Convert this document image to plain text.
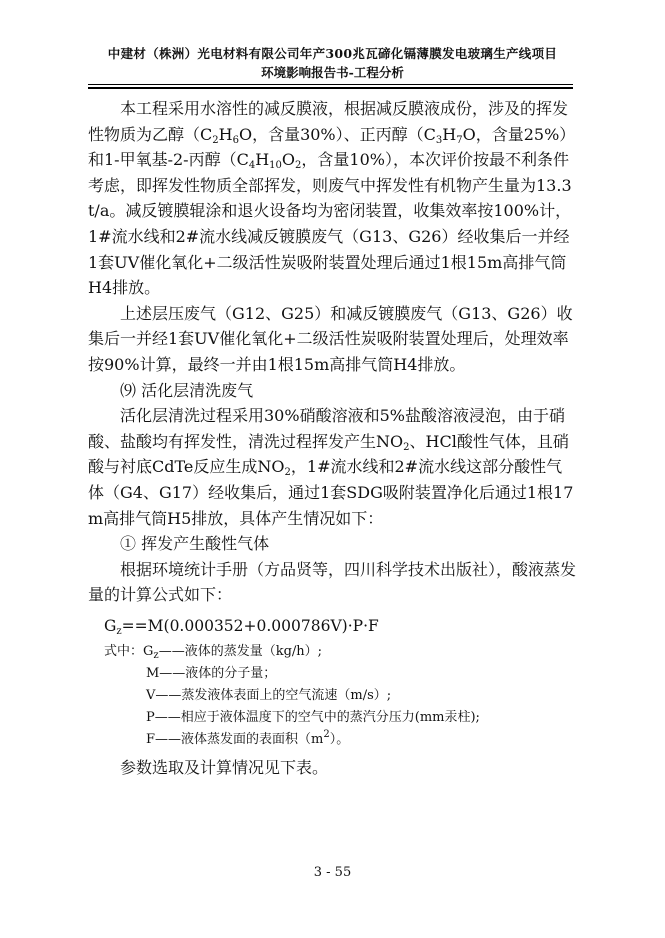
中建材（株洲）光电材料有限公司年产300兆瓦碲化镉薄膜发电玻璃生产线项目
环境影响报告书-工程分析

本工程采用水溶性的减反膜液，根据减反膜液成份，涉及的挥发性物质为乙醇（$C_2H_6O$，含量30%）、正丙醇（$C_3H_7O$，含量25%）和1-甲氧基-2-丙醇（$C_4H_{10}O_2$，含量10%），本次评价按最不利条件考虑，即挥发性物质全部挥发，则废气中挥发性有机物产生量为13.3 t/a。减反镀膜辊涂和退火设备均为密闭装置，收集效率按100%计，1#流水线和2#流水线减反镀膜废气（G13、G26）经收集后一并经1套UV催化氧化+二级活性炭吸附装置处理后通过1根15m高排气筒H4排放。

上述层压废气（G12、G25）和减反镀膜废气（G13、G26）收集后一并经1套UV催化氧化+二级活性炭吸附装置处理后，处理效率按90%计算，最终一并由1根15m高排气筒H4排放。

⑼ 活化层清洗废气

活化层清洗过程采用30%硝酸溶液和5%盐酸溶液浸泡，由于硝酸、盐酸均有挥发性，清洗过程挥发产生$NO_2$、HCl酸性气体，且硝酸与衬底CdTe反应生成$NO_2$，1#流水线和2#流水线这部分酸性气体（G4、G17）经收集后，通过1套SDG吸附装置净化后通过1根17 m高排气筒H5排放，具体产生情况如下：

① 挥发产生酸性气体

根据环境统计手册（方品贤等，四川科学技术出版社），酸液蒸发量的计算公式如下：

$G_z==M(0.000352+0.000786V)\cdot P\cdot F$

式中：$G_z——$液体的蒸发量（kg/h）;
M——液体的分子量；
V——蒸发液体表面上的空气流速（m/s）;
P——相应于液体温度下的空气中的蒸汽分压力(mm汞柱);
F——液体蒸发面的表面积$(m^2)$。

参数选取及计算情况见下表。

3 - 55
